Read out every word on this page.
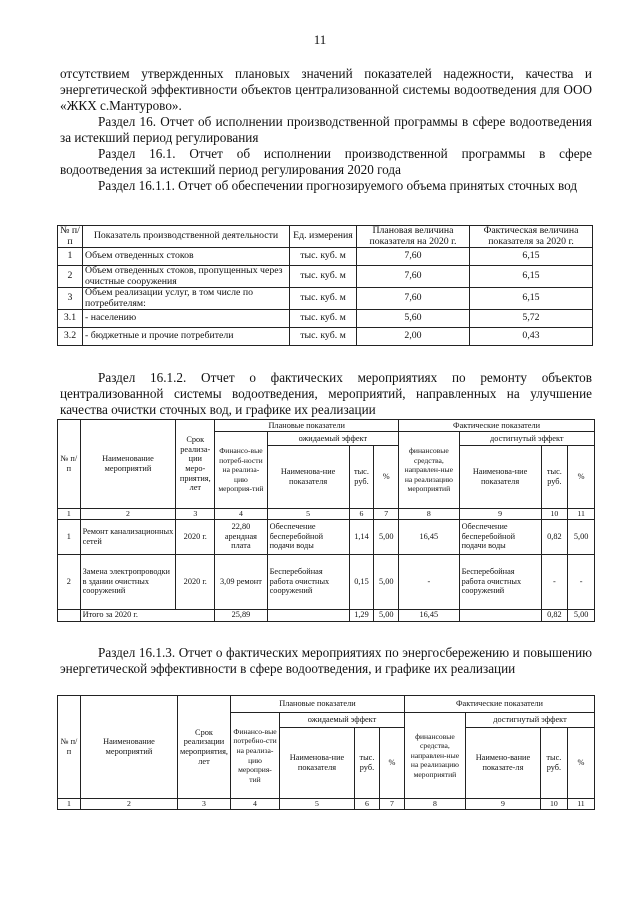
11
отсутствием утвержденных плановых значений показателей надежности, качества и энергетической эффективности объектов централизованной системы водоотведения для ООО «ЖКХ с.Мантурово».
Раздел 16. Отчет об исполнении производственной программы в сфере водоотведения за истекший период регулирования
Раздел 16.1. Отчет об исполнении производственной программы в сфере водоотведения за истекший период регулирования 2020 года
Раздел 16.1.1. Отчет об обеспечении прогнозируемого объема принятых сточных вод
№ п/п	Показатель производственной деятельности	Ед. измерения	Плановая величина показателя на 2020 г.	Фактическая величина показателя за 2020 г.
1	Объем отведенных стоков	тыс. куб. м	7,60	6,15
2	Объем отведенных стоков, пропущенных через очистные сооружения	тыс. куб. м	7,60	6,15
3	Объем реализации услуг, в том числе по потребителям:	тыс. куб. м	7,60	6,15
3.1	- населению	тыс. куб. м	5,60	5,72
3.2	- бюджетные и прочие потребители	тыс. куб. м	2,00	0,43
Раздел 16.1.2. Отчет о фактических мероприятиях по ремонту объектов централизованной системы водоотведения, мероприятий, направленных на улучшение качества очистки сточных вод, и графике их реализации
№ п/п	Наименование мероприятий	Срок реализа-ции меро-приятия, лет	Плановые показатели				Фактические показатели			
			Финансо-вые потреб-ности на реализа-цию мероприя-тий	ожидаемый эффект			финансовые средства, направлен-ные на реализацию мероприятий	достигнутый эффект		
				Наименова-ние показателя	тыс. руб.	%		Наименова-ние показателя	тыс. руб.	%
1	2	3	4	5	6	7	8	9	10	11
1	Ремонт канализационных сетей	2020 г.	22,80 арендная плата	Обеспечение бесперебойной подачи воды	1,14	5,00	16,45	Обеспечение бесперебойной подачи воды	0,82	5,00
2	Замена электропроводки в здании очистных сооружений	2020 г.	3,09 ремонт	Бесперебойная работа очистных сооружений	0,15	5,00	-	Бесперебойная работа очистных сооружений	-	-
	Итого за 2020 г.		25,89		1,29	5,00	16,45		0,82	5,00
Раздел 16.1.3. Отчет о фактических мероприятиях по энергосбережению и повышению энергетической эффективности в сфере водоотведения, и графике их реализации
№ п/п	Наименование мероприятий	Срок реализации мероприятия, лет	Плановые показатели				Фактические показатели			
			Финансо-вые потребно-сти на реализа-цию мероприя-тий	ожидаемый эффект			финансовые средства, направлен-ные на реализацию мероприятий	достигнутый эффект		
				Наименова-ние показателя	тыс. руб.	%		Наимено-вание показате-ля	тыс. руб.	%
1	2	3	4	5	6	7	8	9	10	11
